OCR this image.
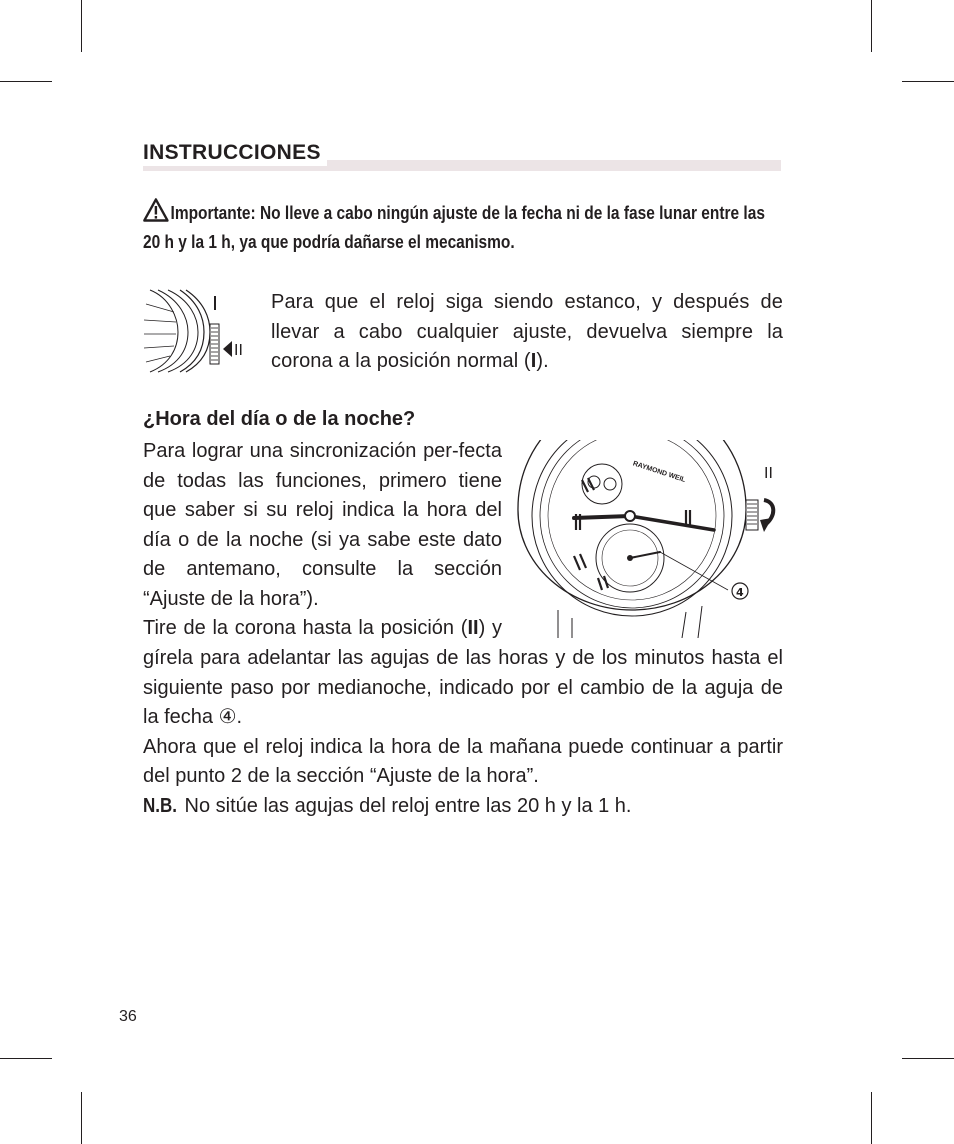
INSTRUCCIONES
Importante: No lleve a cabo ningún ajuste de la fecha ni de la fase lunar entre las 20 h y la 1 h, ya que podría dañarse el mecanismo.
II
Para que el reloj siga siendo estanco, y después de llevar a cabo cualquier ajuste, devuelva siempre la corona a la posición normal (I).
¿Hora del día o de la noche?
Para lograr una sincronización per-fecta de todas las funciones, primero tiene que saber si su reloj indica la hora del día o de la noche (si ya sabe este dato de antemano, consulte la sección “Ajuste de la hora”).
Tire de la corona hasta la posición (II) y
RAYMOND WEIL
4
II

gírela para adelantar las agujas de las horas y de los minutos hasta el siguiente paso por medianoche, indicado por el cambio de la aguja de la fecha ④.

Ahora que el reloj indica la hora de la mañana puede continuar a partir del punto 2 de la sección “Ajuste de la hora”.

N.B. No sitúe las agujas del reloj entre las 20 h y la 1 h.

36
